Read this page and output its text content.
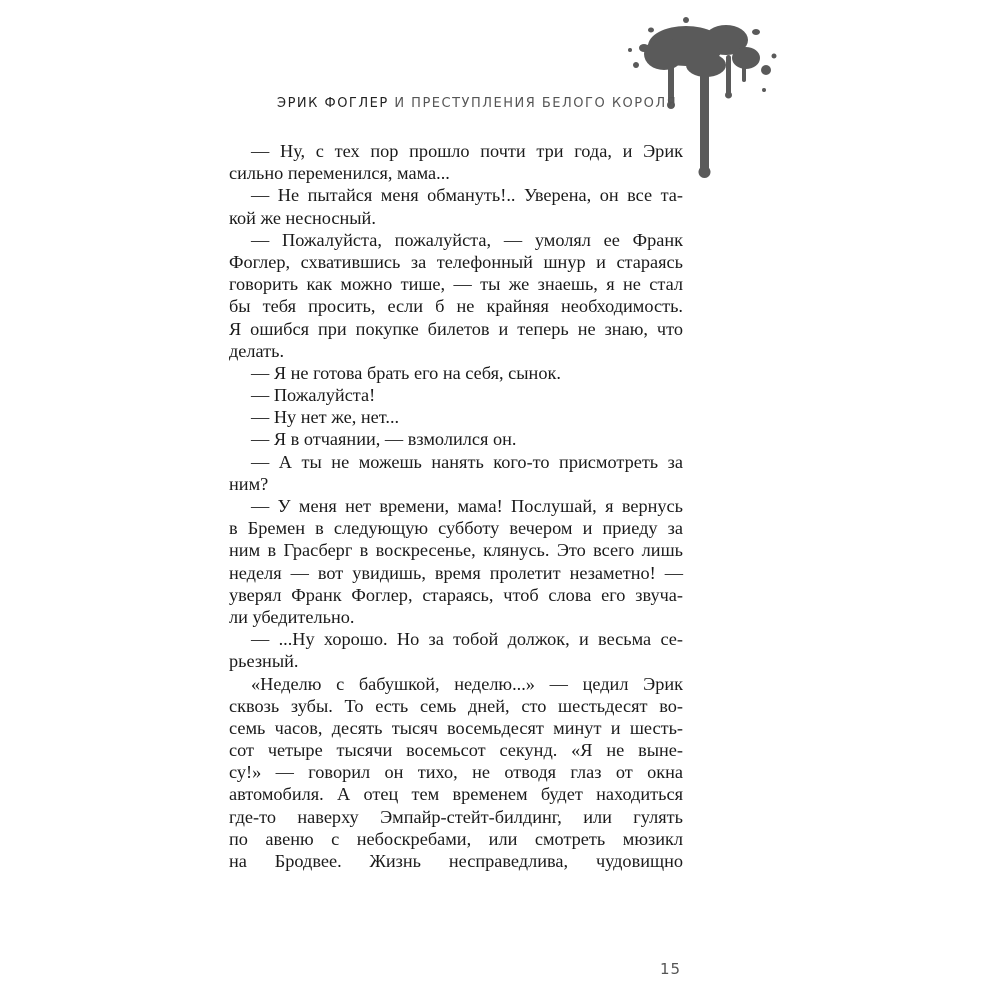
ЭРИК ФОГЛЕР И ПРЕСТУПЛЕНИЯ БЕЛОГО КОРОЛЯ
— Ну, с тех пор прошло почти три года, и Эрик
сильно переменился, мама...
— Не пытайся меня обмануть!.. Уверена, он все та-
кой же несносный.
— Пожалуйста, пожалуйста, — умолял ее Франк
Фоглер, схватившись за телефонный шнур и стараясь
говорить как можно тише, — ты же знаешь, я не стал
бы тебя просить, если б не крайняя необходимость.
Я ошибся при покупке билетов и теперь не знаю, что
делать.
— Я не готова брать его на себя, сынок.
— Пожалуйста!
— Ну нет же, нет...
— Я в отчаянии, — взмолился он.
— А ты не можешь нанять кого-то присмотреть за
ним?
— У меня нет времени, мама! Послушай, я вернусь
в Бремен в следующую субботу вечером и приеду за
ним в Грасберг в воскресенье, клянусь. Это всего лишь
неделя — вот увидишь, время пролетит незаметно! —
уверял Франк Фоглер, стараясь, чтоб слова его звуча-
ли убедительно.
— ...Ну хорошо. Но за тобой должок, и весьма се-
рьезный.
«Неделю с бабушкой, неделю...» — цедил Эрик
сквозь зубы. То есть семь дней, сто шестьдесят во-
семь часов, десять тысяч восемьдесят минут и шесть-
сот четыре тысячи восемьсот секунд. «Я не вынe-
су!» — говорил он тихо, не отводя глаз от окна
автомобиля. А отец тем временем будет находиться
где-то наверху Эмпайр-стейт-билдинг, или гулять
по авеню с небоскребами, или смотреть мюзикл
на Бродвее. Жизнь несправедлива, чудовищно
15
